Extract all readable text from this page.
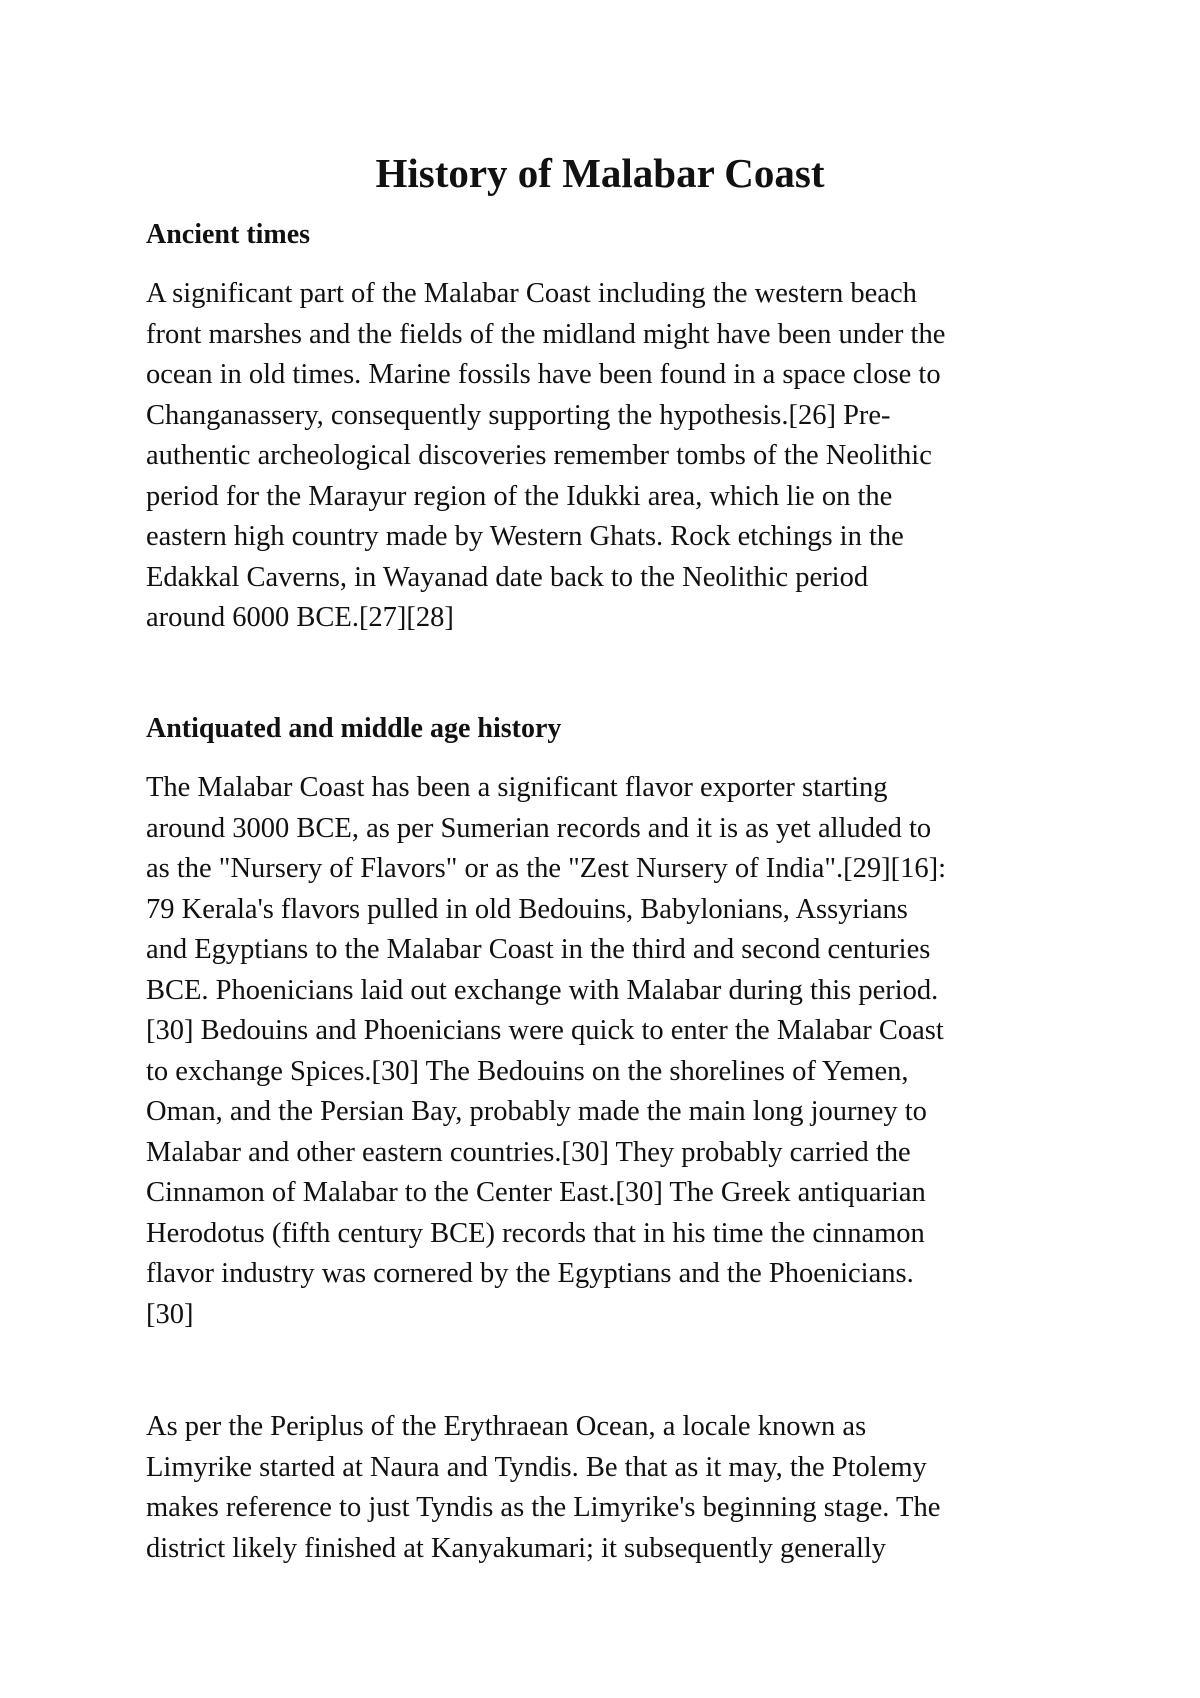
History of Malabar Coast
Ancient times

A significant part of the Malabar Coast including the western beach
front marshes and the fields of the midland might have been under the
ocean in old times. Marine fossils have been found in a space close to
Changanassery, consequently supporting the hypothesis.[26] Pre-
authentic archeological discoveries remember tombs of the Neolithic
period for the Marayur region of the Idukki area, which lie on the
eastern high country made by Western Ghats. Rock etchings in the
Edakkal Caverns, in Wayanad date back to the Neolithic period
around 6000 BCE.[27][28]

Antiquated and middle age history

The Malabar Coast has been a significant flavor exporter starting
around 3000 BCE, as per Sumerian records and it is as yet alluded to
as the "Nursery of Flavors" or as the "Zest Nursery of India".[29][16]:
79 Kerala's flavors pulled in old Bedouins, Babylonians, Assyrians
and Egyptians to the Malabar Coast in the third and second centuries
BCE. Phoenicians laid out exchange with Malabar during this period.
[30] Bedouins and Phoenicians were quick to enter the Malabar Coast
to exchange Spices.[30] The Bedouins on the shorelines of Yemen,
Oman, and the Persian Bay, probably made the main long journey to
Malabar and other eastern countries.[30] They probably carried the
Cinnamon of Malabar to the Center East.[30] The Greek antiquarian
Herodotus (fifth century BCE) records that in his time the cinnamon
flavor industry was cornered by the Egyptians and the Phoenicians.
[30]

As per the Periplus of the Erythraean Ocean, a locale known as
Limyrike started at Naura and Tyndis. Be that as it may, the Ptolemy
makes reference to just Tyndis as the Limyrike's beginning stage. The
district likely finished at Kanyakumari; it subsequently generally
